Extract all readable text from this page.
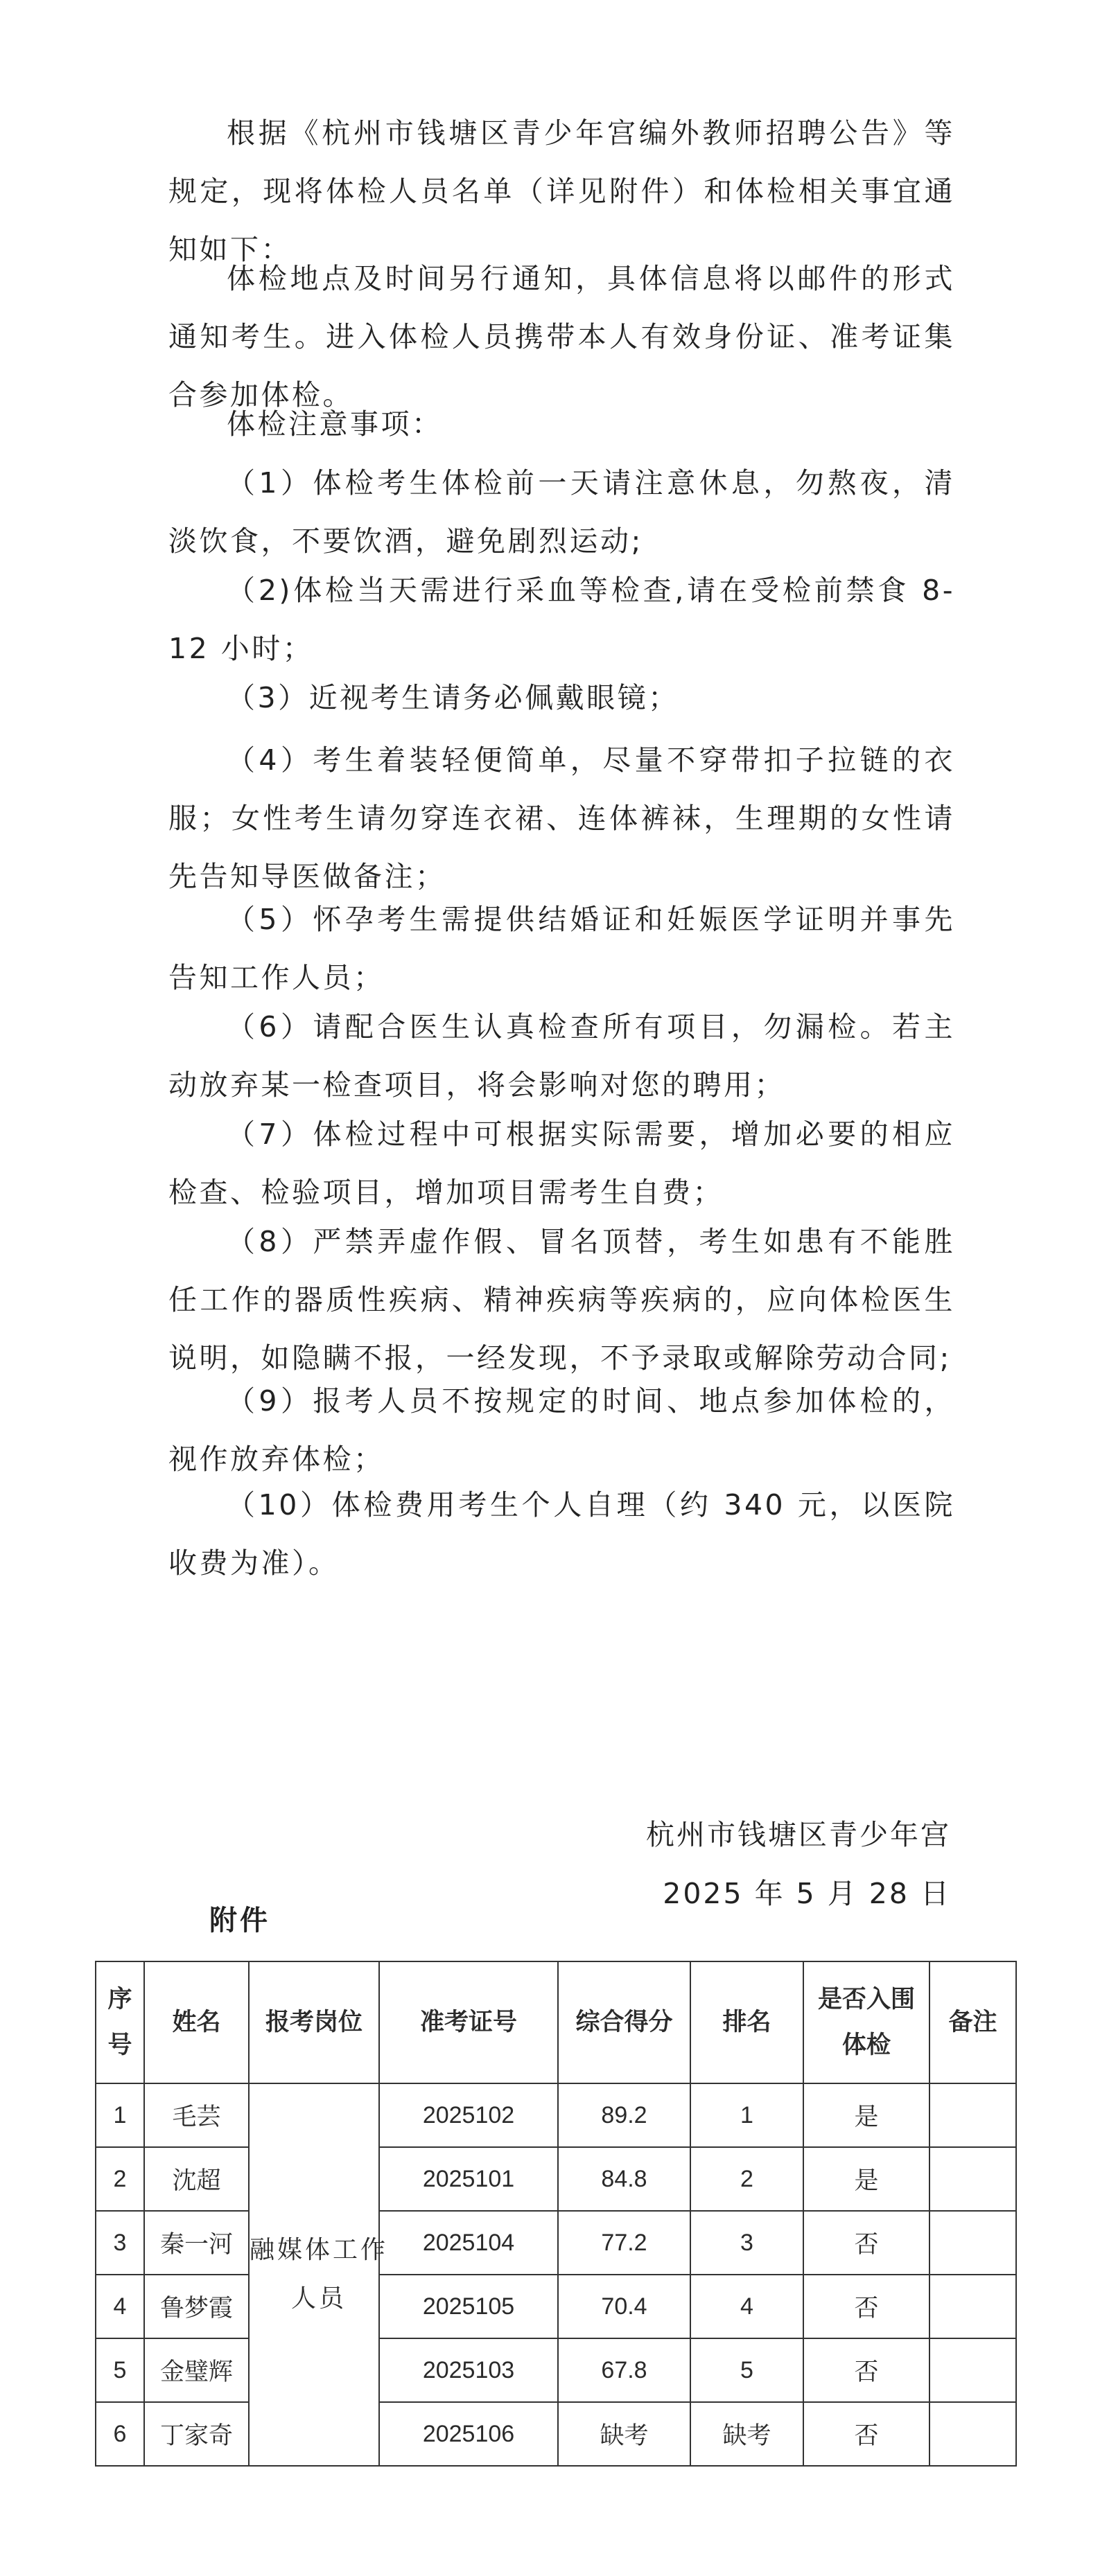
根据《杭州市钱塘区青少年宫编外教师招聘公告》等规定，现将体检人员名单（详见附件）和体检相关事宜通知如下：

体检地点及时间另行通知，具体信息将以邮件的形式通知考生。进入体检人员携带本人有效身份证、准考证集合参加体检。

体检注意事项：

（1）体检考生体检前一天请注意休息，勿熬夜，清淡饮食，不要饮酒，避免剧烈运动;

（2)体检当天需进行采血等检查,请在受检前禁食 8-12 小时；

（3）近视考生请务必佩戴眼镜；

（4）考生着装轻便简单，尽量不穿带扣子拉链的衣服；女性考生请勿穿连衣裙、连体裤袜，生理期的女性请先告知导医做备注；

（5）怀孕考生需提供结婚证和妊娠医学证明并事先告知工作人员；

（6）请配合医生认真检查所有项目，勿漏检。若主动放弃某一检查项目，将会影响对您的聘用；

（7）体检过程中可根据实际需要，增加必要的相应检查、检验项目，增加项目需考生自费；

（8）严禁弄虚作假、冒名顶替，考生如患有不能胜任工作的器质性疾病、精神疾病等疾病的，应向体检医生说明，如隐瞒不报，一经发现，不予录取或解除劳动合同;

（9）报考人员不按规定的时间、地点参加体检的，视作放弃体检；

（10）体检费用考生个人自理（约 340 元，以医院收费为准）。

杭州市钱塘区青少年宫
2025 年 5 月 28 日
附件
序号	姓名	报考岗位	准考证号	综合得分	排名	是否入围体检	备注
1	毛芸	融媒体工作人员	2025102	89.2	1	是	
2	沈超		2025101	84.8	2	是	
3	秦一河		2025104	77.2	3	否	
4	鲁梦霞		2025105	70.4	4	否	
5	金璧辉		2025103	67.8	5	否	
6	丁家奇		2025106	缺考	缺考	否	
